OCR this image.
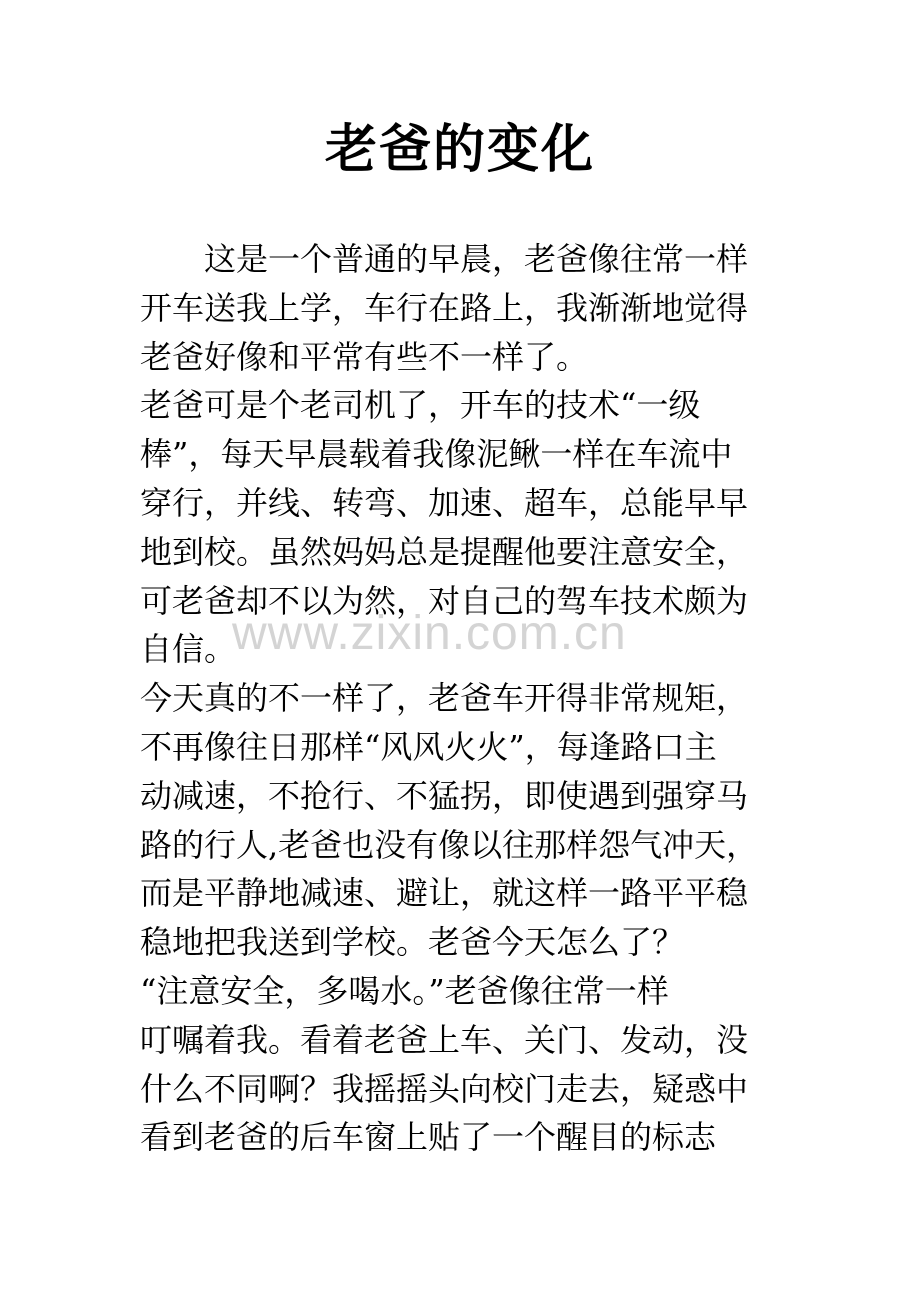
老爸的变化
　　这是一个普通的早晨，老爸像往常一样
开车送我上学，车行在路上，我渐渐地觉得
老爸好像和平常有些不一样了。
老爸可是个老司机了，开车的技术“一级
棒”，每天早晨载着我像泥鳅一样在车流中
穿行，并线、转弯、加速、超车，总能早早
地到校。虽然妈妈总是提醒他要注意安全，
可老爸却不以为然，对自己的驾车技术颇为
自信。
今天真的不一样了，老爸车开得非常规矩，
不再像往日那样“风风火火”，每逢路口主
动减速，不抢行、不猛拐，即使遇到强穿马
路的行人,老爸也没有像以往那样怨气冲天，
而是平静地减速、避让，就这样一路平平稳
稳地把我送到学校。老爸今天怎么了？
“注意安全，多喝水。”老爸像往常一样
叮嘱着我。看着老爸上车、关门、发动，没
什么不同啊？我摇摇头向校门走去，疑惑中
看到老爸的后车窗上贴了一个醒目的标志
www.zixin.com.cn
